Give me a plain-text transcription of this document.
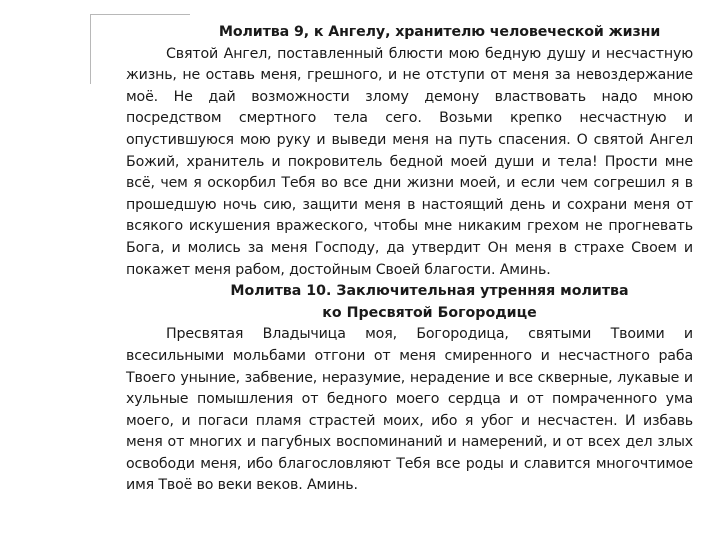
Молитва 9, к Ангелу, хранителю человеческой жизни

Святой Ангел, поставленный блюсти мою бедную душу и несчастную жизнь, не оставь меня, грешного, и не отступи от меня за невоздержание моё. Не дай возможности злому демону властвовать надо мною посредством смертного тела сего. Возьми крепко несчастную и опустившуюся мою руку и выведи меня на путь спасения. О святой Ангел Божий, хранитель и покровитель бедной моей души и тела! Прости мне всё, чем я оскорбил Тебя во все дни жизни моей, и если чем согрешил я в прошедшую ночь сию, защити меня в настоящий день и сохрани меня от всякого искушения вражеского, чтобы мне никаким грехом не прогневать Бога, и молись за меня Господу, да утвердит Он меня в страхе Своем и покажет меня рабом, достойным Своей благости. Аминь.

Молитва 10. Заключительная утренняя молитва

ко Пресвятой Богородице

Пресвятая Владычица моя, Богородица, святыми Твоими и всесильными мольбами отгони от меня смиренного и несчастного раба Твоего уныние, забвение, неразумие, нерадение и все скверные, лукавые и хульные помышления от бедного моего сердца и от помраченного ума моего, и погаси пламя страстей моих, ибо я убог и несчастен. И избавь меня от многих и пагубных воспоминаний и намерений, и от всех дел злых освободи меня, ибо благословляют Тебя все роды и славится многочтимое имя Твоё во веки веков. Аминь.
